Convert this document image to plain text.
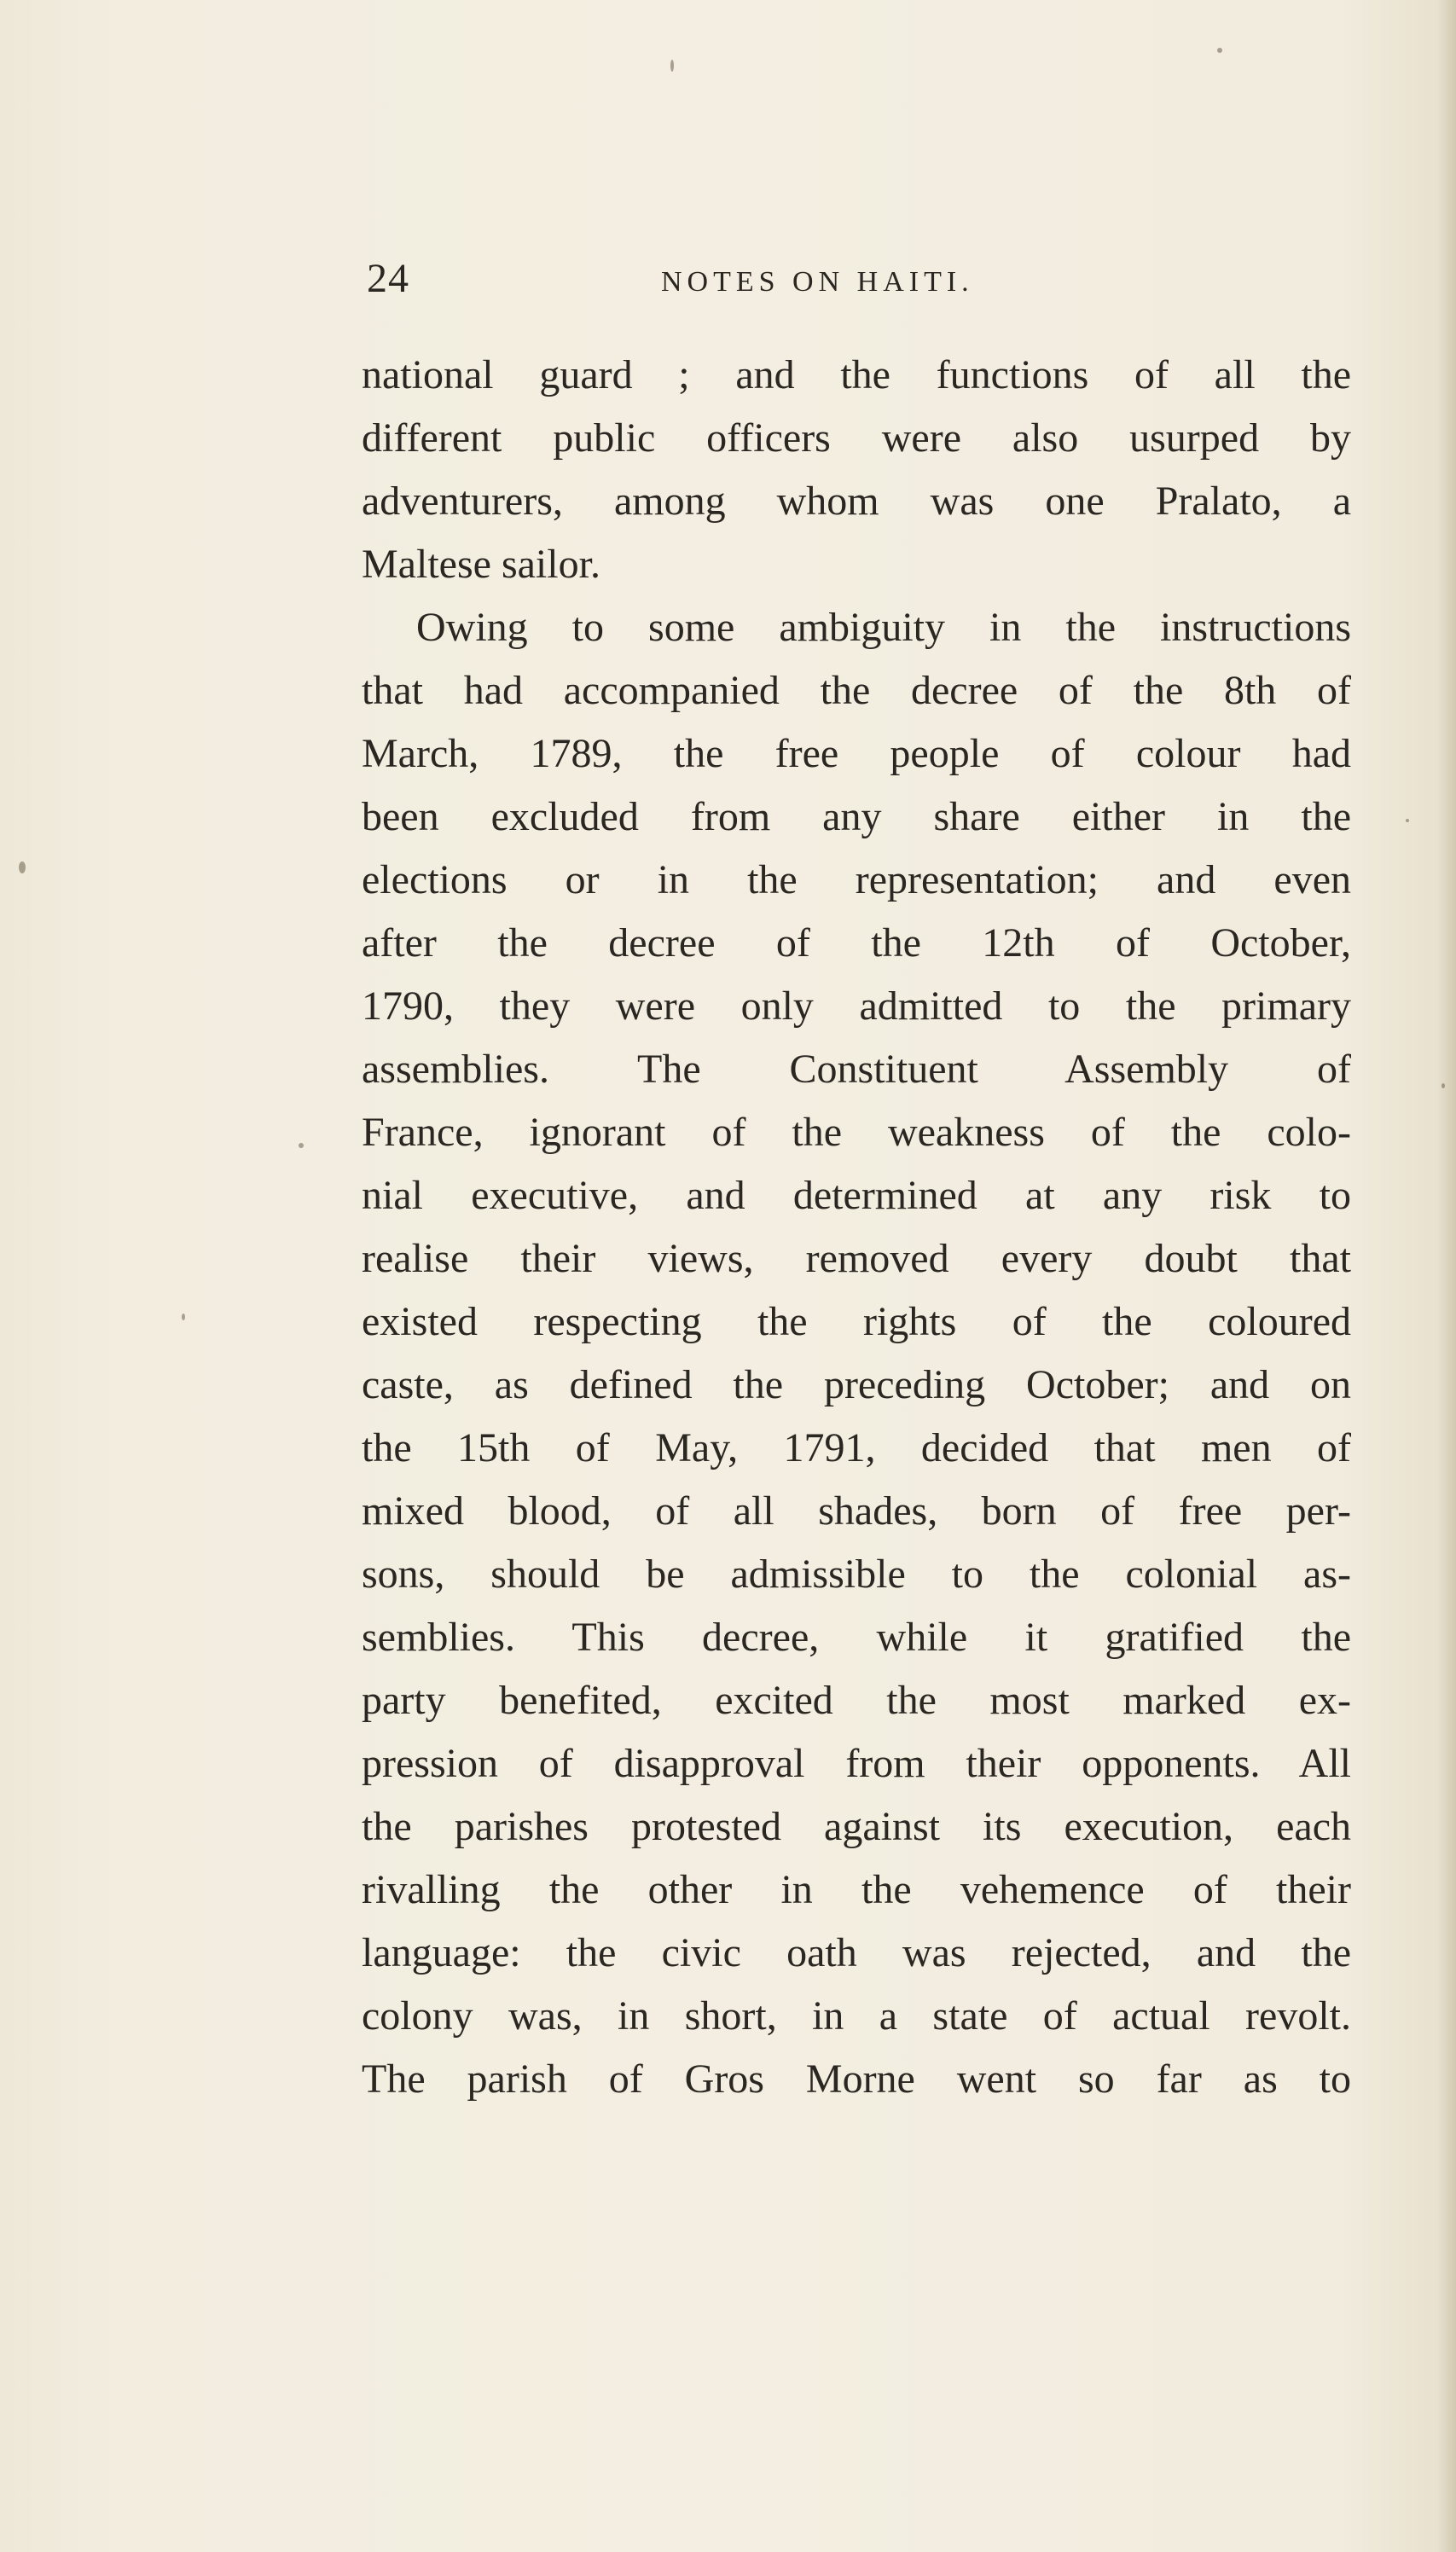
24	NOTES ON HAITI.
national guard ; and the functions of all the
different public officers were also usurped by
adventurers, among whom was one Pralato, a
Maltese sailor.
Owing to some ambiguity in the instructions
that had accompanied the decree of the 8th of
March, 1789, the free people of colour had
been excluded from any share either in the
elections or in the representation; and even
after the decree of the 12th of October,
1790, they were only admitted to the primary
assemblies. The Constituent Assembly of
France, ignorant of the weakness of the colo-
nial executive, and determined at any risk to
realise their views, removed every doubt that
existed respecting the rights of the coloured
caste, as defined the preceding October; and on
the 15th of May, 1791, decided that men of
mixed blood, of all shades, born of free per-
sons, should be admissible to the colonial as-
semblies. This decree, while it gratified the
party benefited, excited the most marked ex-
pression of disapproval from their opponents. All
the parishes protested against its execution, each
rivalling the other in the vehemence of their
language: the civic oath was rejected, and the
colony was, in short, in a state of actual revolt.
The parish of Gros Morne went so far as to
